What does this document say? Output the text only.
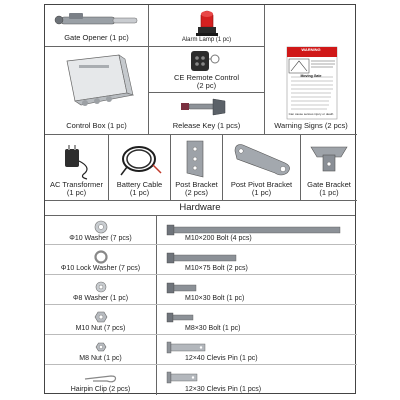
Gate Opener (1 pc)	Alarm Lamp (1 pc)
WARNING
Moving Gate
Can cause serious injury or death
Warning Signs (2 pcs)
Control Box (1 pc)
CE Remote Control
(2 pc)
Release Key (1 pcs)
AC Transformer
(1 pc)
Battery Cable
(1 pc)
Post Bracket
(2 pcs)
Post Pivot Bracket
(1 pc)
Gate Bracket
(1 pc)
Hardware
Φ10 Washer (7 pcs)	M10×200 Bolt (4 pcs)
Φ10 Lock Washer (7 pcs)	M10×75 Bolt (2 pcs)
Φ8 Washer (1 pc)	M10×30 Bolt (1 pc)
M10 Nut (7 pcs)	M8×30 Bolt (1 pc)
M8 Nut (1 pc)	12×40 Clevis Pin (1 pc)
Hairpin Clip (2 pcs)	12×30 Clevis Pin (1 pcs)
